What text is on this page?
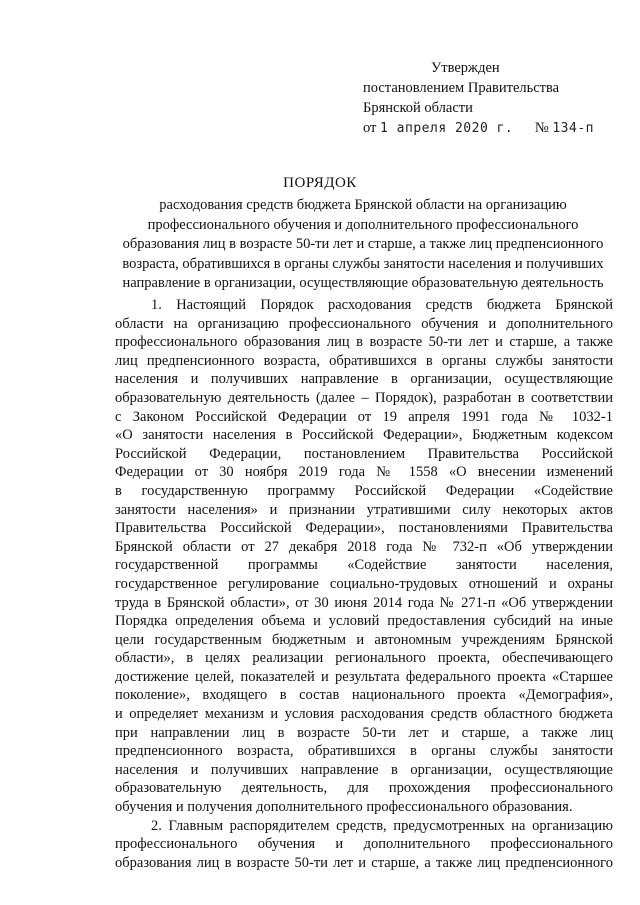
Утвержден
постановлением Правительства
Брянской области
от 1 апреля 2020 г. № 134-п
ПОРЯДОК
расходования средств бюджета Брянской области на организацию
профессионального обучения и дополнительного профессионального
образования лиц в возрасте 50-ти лет и старше, а также лиц предпенсионного
возраста, обратившихся в органы службы занятости населения и получивших
направление в организации, осуществляющие образовательную деятельность
1. Настоящий Порядок расходования средств бюджета Брянской
области на организацию профессионального обучения и дополнительного
профессионального образования лиц в возрасте 50-ти лет и старше, а также
лиц предпенсионного возраста, обратившихся в органы службы занятости
населения и получивших направление в организации, осуществляющие
образовательную деятельность (далее – Порядок), разработан в соответствии
с Законом Российской Федерации от 19 апреля 1991 года № 1032-1
«О занятости населения в Российской Федерации», Бюджетным кодексом
Российской Федерации, постановлением Правительства Российской
Федерации от 30 ноября 2019 года № 1558 «О внесении изменений
в государственную программу Российской Федерации «Содействие
занятости населения» и признании утратившими силу некоторых актов
Правительства Российской Федерации», постановлениями Правительства
Брянской области от 27 декабря 2018 года № 732-п «Об утверждении
государственной программы «Содействие занятости населения,
государственное регулирование социально-трудовых отношений и охраны
труда в Брянской области», от 30 июня 2014 года № 271-п «Об утверждении
Порядка определения объема и условий предоставления субсидий на иные
цели государственным бюджетным и автономным учреждениям Брянской
области», в целях реализации регионального проекта, обеспечивающего
достижение целей, показателей и результата федерального проекта «Старшее
поколение», входящего в состав национального проекта «Демография»,
и определяет механизм и условия расходования средств областного бюджета
при направлении лиц в возрасте 50-ти лет и старше, а также лиц
предпенсионного возраста, обратившихся в органы службы занятости
населения и получивших направление в организации, осуществляющие
образовательную деятельность, для прохождения профессионального
обучения и получения дополнительного профессионального образования.
2. Главным распорядителем средств, предусмотренных на организацию
профессионального обучения и дополнительного профессионального
образования лиц в возрасте 50-ти лет и старше, а также лиц предпенсионного
